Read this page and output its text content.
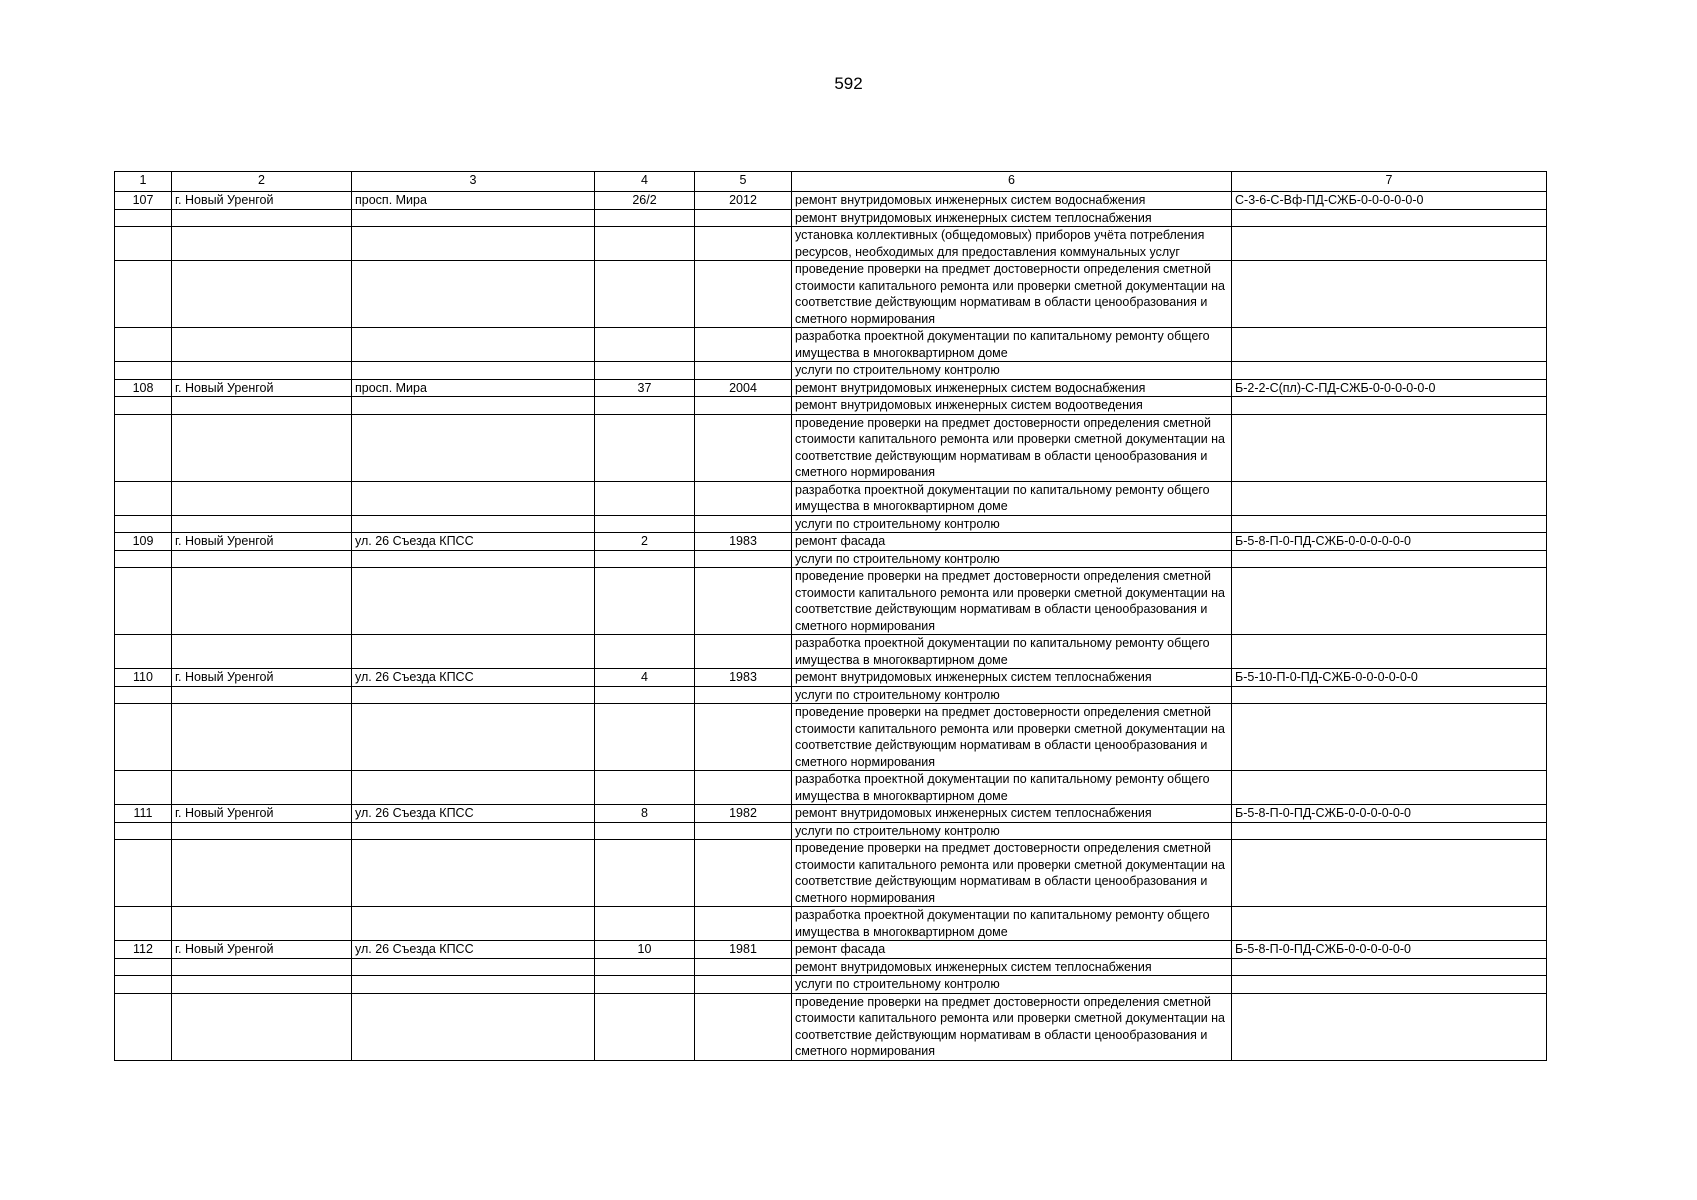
592
1	2	3	4	5	6	7
107	г. Новый Уренгой	просп. Мира	26/2	2012	ремонт внутридомовых инженерных систем водоснабжения	С-3-6-С-Вф-ПД-СЖБ-0-0-0-0-0-0
					ремонт внутридомовых инженерных систем теплоснабжения	
					установка коллективных (общедомовых) приборов учёта потребления ресурсов, необходимых для предоставления коммунальных услуг	
					проведение проверки на предмет достоверности определения сметной стоимости капитального ремонта или проверки сметной документации на соответствие действующим нормативам в области ценообразования и сметного нормирования	
					разработка проектной документации по капитальному ремонту общего имущества в многоквартирном доме	
					услуги по строительному контролю	
108	г. Новый Уренгой	просп. Мира	37	2004	ремонт внутридомовых инженерных систем водоснабжения	Б-2-2-С(пл)-С-ПД-СЖБ-0-0-0-0-0-0
					ремонт внутридомовых инженерных систем водоотведения	
					проведение проверки на предмет достоверности определения сметной стоимости капитального ремонта или проверки сметной документации на соответствие действующим нормативам в области ценообразования и сметного нормирования	
					разработка проектной документации по капитальному ремонту общего имущества в многоквартирном доме	
					услуги по строительному контролю	
109	г. Новый Уренгой	ул. 26 Съезда КПСС	2	1983	ремонт фасада	Б-5-8-П-0-ПД-СЖБ-0-0-0-0-0-0
					услуги по строительному контролю	
					проведение проверки на предмет достоверности определения сметной стоимости капитального ремонта или проверки сметной документации на соответствие действующим нормативам в области ценообразования и сметного нормирования	
					разработка проектной документации по капитальному ремонту общего имущества в многоквартирном доме	
110	г. Новый Уренгой	ул. 26 Съезда КПСС	4	1983	ремонт внутридомовых инженерных систем теплоснабжения	Б-5-10-П-0-ПД-СЖБ-0-0-0-0-0-0
					услуги по строительному контролю	
					проведение проверки на предмет достоверности определения сметной стоимости капитального ремонта или проверки сметной документации на соответствие действующим нормативам в области ценообразования и сметного нормирования	
					разработка проектной документации по капитальному ремонту общего имущества в многоквартирном доме	
111	г. Новый Уренгой	ул. 26 Съезда КПСС	8	1982	ремонт внутридомовых инженерных систем теплоснабжения	Б-5-8-П-0-ПД-СЖБ-0-0-0-0-0-0
					услуги по строительному контролю	
					проведение проверки на предмет достоверности определения сметной стоимости капитального ремонта или проверки сметной документации на соответствие действующим нормативам в области ценообразования и сметного нормирования	
					разработка проектной документации по капитальному ремонту общего имущества в многоквартирном доме	
112	г. Новый Уренгой	ул. 26 Съезда КПСС	10	1981	ремонт фасада	Б-5-8-П-0-ПД-СЖБ-0-0-0-0-0-0
					ремонт внутридомовых инженерных систем теплоснабжения	
					услуги по строительному контролю	
					проведение проверки на предмет достоверности определения сметной стоимости капитального ремонта или проверки сметной документации на соответствие действующим нормативам в области ценообразования и сметного нормирования	
